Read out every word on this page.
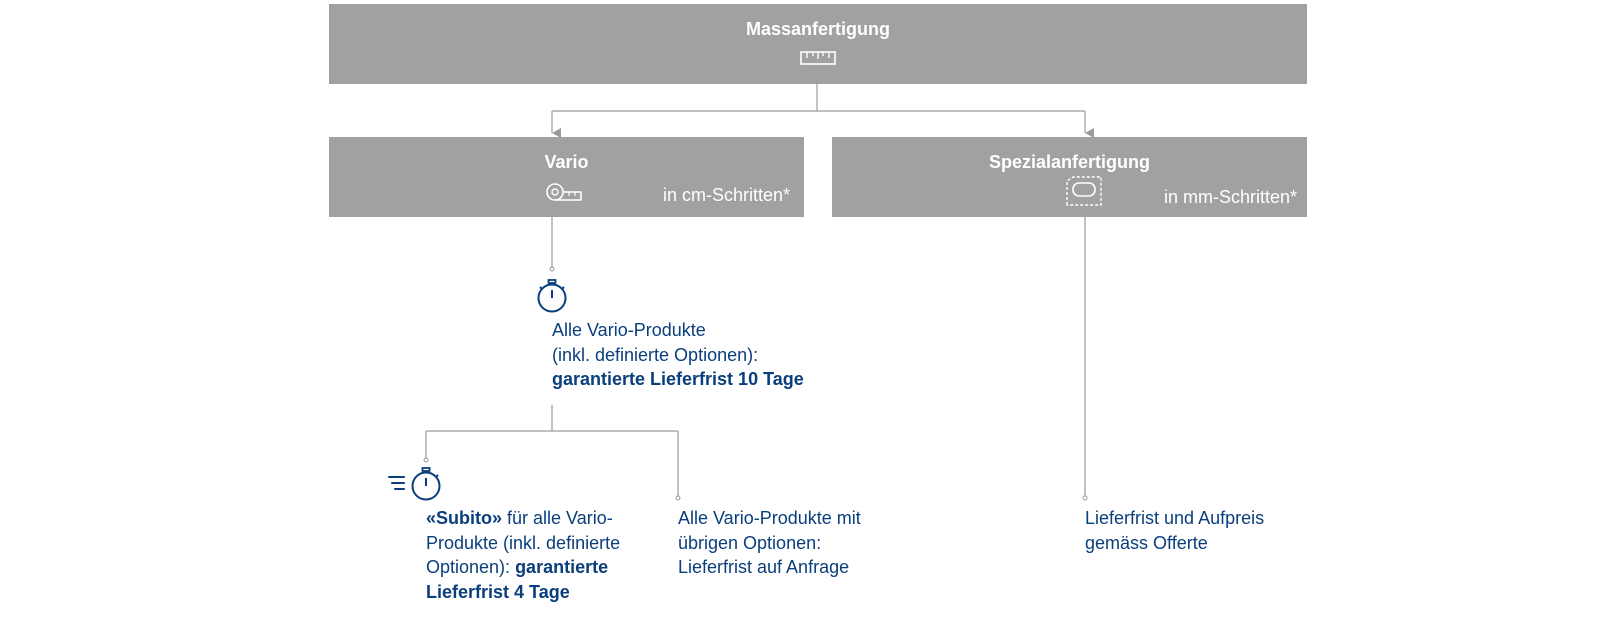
Massanfertigung
Vario
in cm-Schritten*
Spezialanfertigung
in mm-Schritten*
Alle Vario-Produkte
(inkl. definierte Optionen):
garantierte Lieferfrist 10 Tage
«Subito» für alle Vario-
Produkte (inkl. definierte
Optionen): garantierte
Lieferfrist 4 Tage
Alle Vario-Produkte mit
übrigen Optionen:
Lieferfrist auf Anfrage
Lieferfrist und Aufpreis
gemäss Offerte
